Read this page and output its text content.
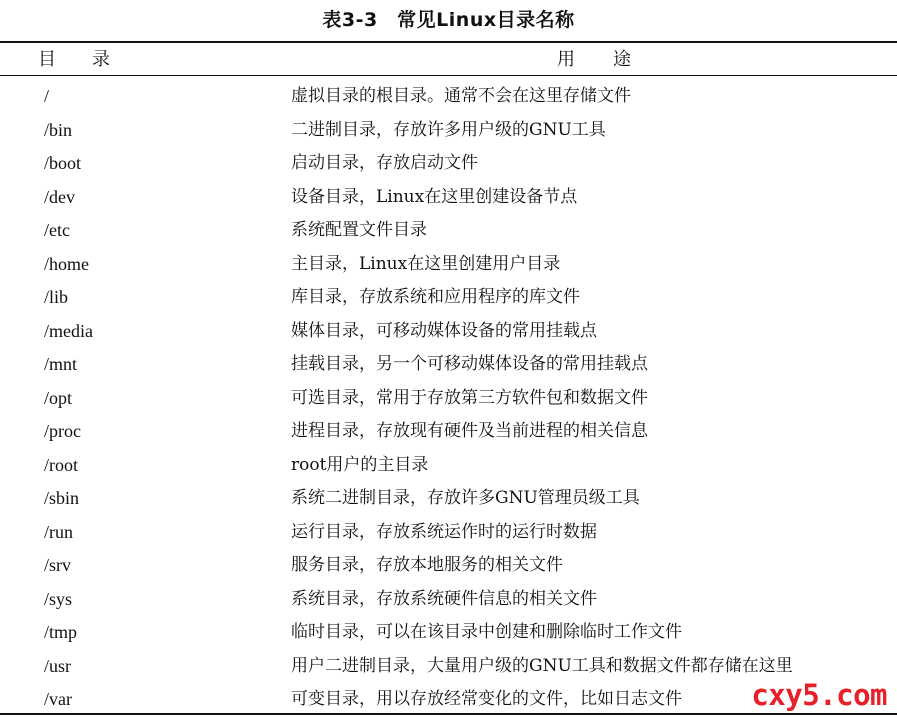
表3-3　常见Linux目录名称
目录	用途
/	虚拟目录的根目录。通常不会在这里存储文件
/bin	二进制目录，存放许多用户级的GNU工具
/boot	启动目录，存放启动文件
/dev	设备目录，Linux在这里创建设备节点
/etc	系统配置文件目录
/home	主目录，Linux在这里创建用户目录
/lib	库目录，存放系统和应用程序的库文件
/media	媒体目录，可移动媒体设备的常用挂载点
/mnt	挂载目录，另一个可移动媒体设备的常用挂载点
/opt	可选目录，常用于存放第三方软件包和数据文件
/proc	进程目录，存放现有硬件及当前进程的相关信息
/root	root用户的主目录
/sbin	系统二进制目录，存放许多GNU管理员级工具
/run	运行目录，存放系统运作时的运行时数据
/srv	服务目录，存放本地服务的相关文件
/sys	系统目录，存放系统硬件信息的相关文件
/tmp	临时目录，可以在该目录中创建和删除临时工作文件
/usr	用户二进制目录，大量用户级的GNU工具和数据文件都存储在这里
/var	可变目录，用以存放经常变化的文件，比如日志文件 cxy5.com
